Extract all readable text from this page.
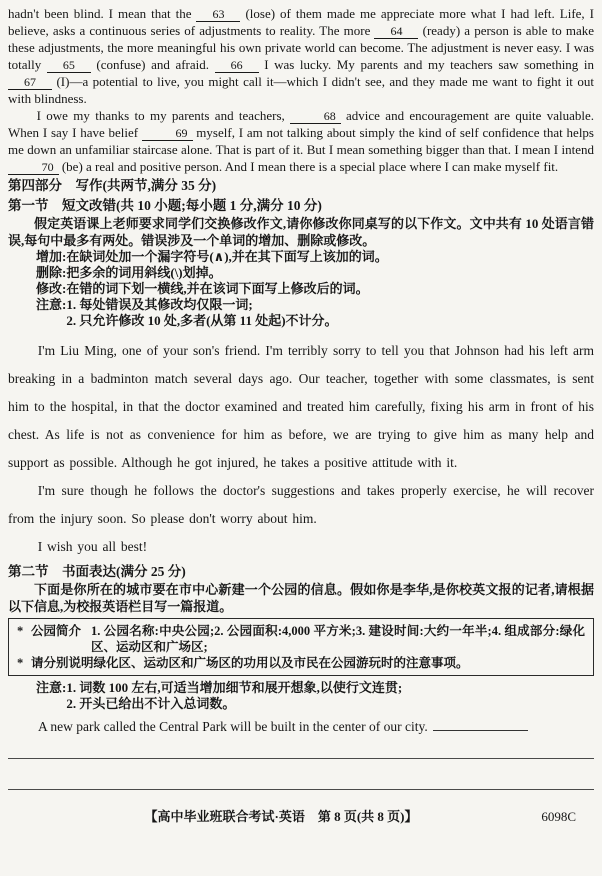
hadn't been blind. I mean that the 63 (lose) of them made me appreciate more what I had left. Life, I believe, asks a continuous series of adjustments to reality. The more 64 (ready) a person is able to make these adjustments, the more meaningful his own private world can become. The adjustment is never easy. I was totally 65 (confuse) and afraid. 66 I was lucky. My parents and my teachers saw something in 67 (I)—a potential to live, you might call it—which I didn't see, and they made me want to fight it out with blindness.

I owe my thanks to my parents and teachers,	68 advice and encouragement are quite valuable. When I say I have belief	69 myself, I am not talking about simply the kind of self confidence that helps me down an unfamiliar staircase alone. That is part of it. But I mean something bigger than that. I mean I intend 70 (be) a real and positive person. And I mean there is a special place where I can make myself fit.

第四部分　写作(共两节,满分 35 分)
第一节　短文改错(共 10 小题;每小题 1 分,满分 10 分)

假定英语课上老师要求同学们交换修改作文,请你修改你同桌写的以下作文。文中共有 10 处语言错误,每句中最多有两处。错误涉及一个单词的增加、删除或修改。

增加: 在缺词处加一个漏字符号(∧),并在其下面写上该加的词。
删除: 把多余的词用斜线(\)划掉。
修改: 在错的词下划一横线,并在该词下面写上修改后的词。
注意: 1. 每处错误及其修改均仅限一词;
2. 只允许修改 10 处,多者(从第 11 处起)不计分。

I'm Liu Ming, one of your son's friend. I'm terribly sorry to tell you that Johnson had his left arm breaking in a badminton match several days ago. Our teacher, together with some classmates, is sent him to the hospital, in that the doctor examined and treated him carefully, fixing his arm in front of his chest. As life is not as convenience for him as before, we are trying to give him as many help and support as possible. Although he got injured, he takes a positive attitude with it.

I'm sure though he follows the doctor's suggestions and takes properly exercise, he will recover from the injury soon. So please don't worry about him.

I wish you all best!

第二节　书面表达(满分 25 分)

下面是你所在的城市要在市中心新建一个公园的信息。假如你是李华,是你校英文报的记者,请根据以下信息,为校报英语栏目写一篇报道。

* 公园简介 1. 公园名称:中央公园;2. 公园面积:4,000 平方米;3. 建设时间:大约一年半;4. 组成部分:绿化区、运动区和广场区;
* 请分别说明绿化区、运动区和广场区的功用以及市民在公园游玩时的注意事项。
注意: 1. 词数 100 左右,可适当增加细节和展开想象,以使行文连贯;
2. 开头已给出不计入总词数。

A new park called the Central Park will be built in the center of our city.

【高中毕业班联合考试·英语　第 8 页(共 8 页)】	6098C
